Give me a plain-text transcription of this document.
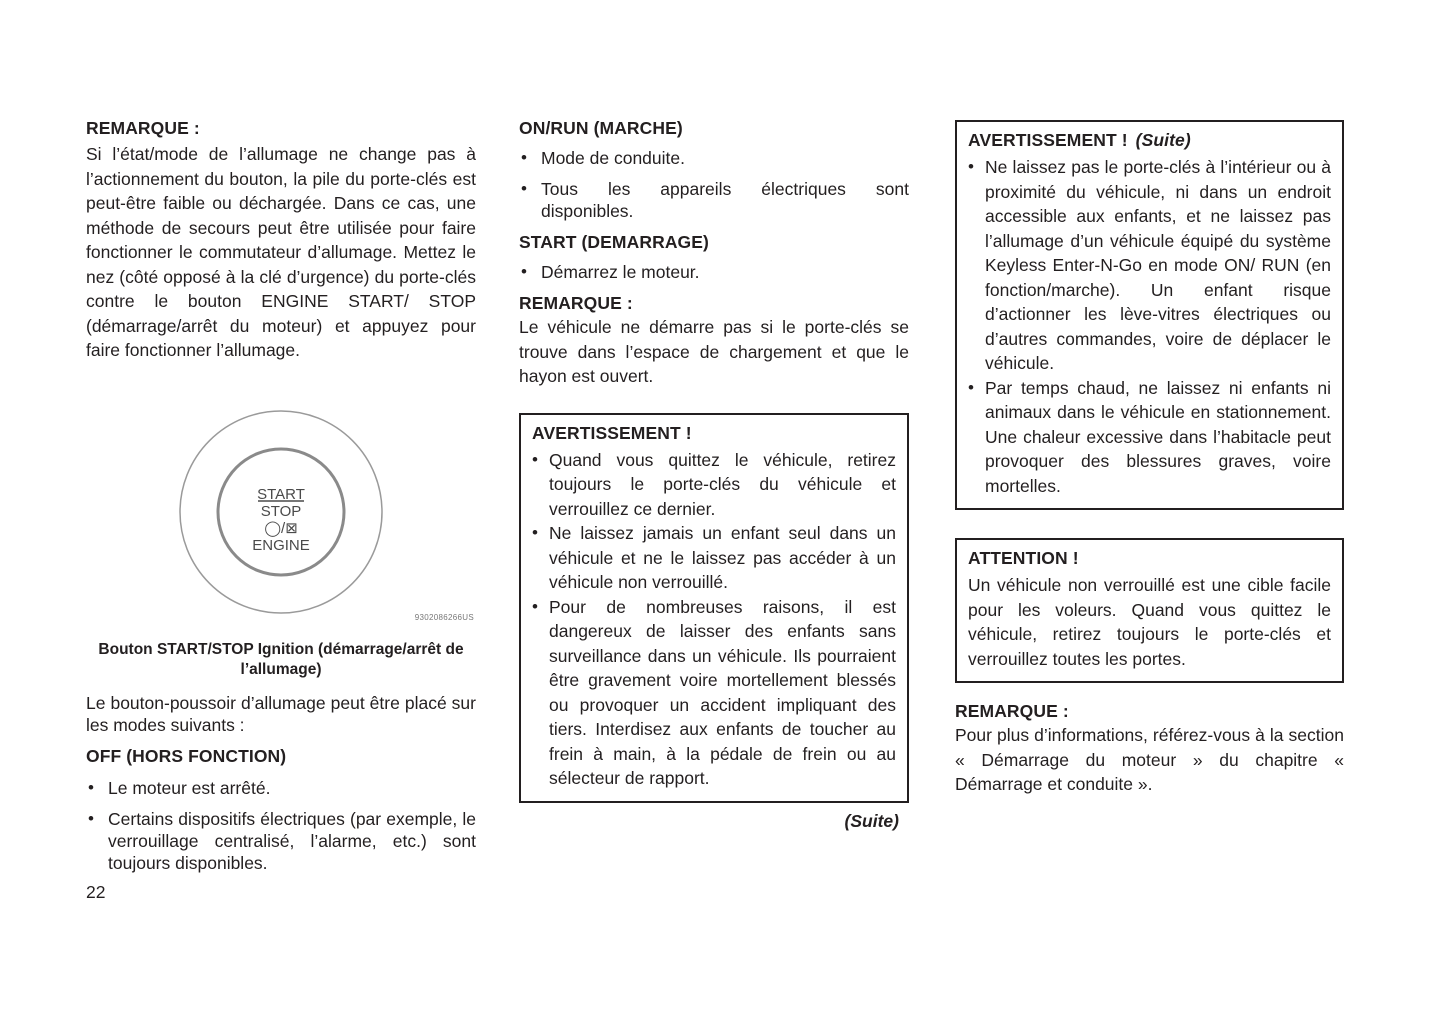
REMARQUE :

Si l’état/mode de l’allumage ne change pas à l’actionnement du bouton, la pile du porte-clés est peut-être faible ou déchargée. Dans ce cas, une méthode de secours peut être utilisée pour faire fonctionner le commutateur d’allumage. Mettez le nez (côté opposé à la clé d’urgence) du porte-clés contre le bouton ENGINE START/ STOP (démarrage/arrêt du moteur) et appuyez pour faire fonctionner l’allumage.

START
STOP
◯/⊠
ENGINE
9302086266US
Bouton START/STOP Ignition (démarrage/arrêt de l’allumage)

Le bouton-poussoir d’allumage peut être placé sur les modes suivants :

OFF (HORS FONCTION)
• Le moteur est arrêté.
• Certains dispositifs électriques (par exemple, le verrouillage centralisé, l’alarme, etc.) sont toujours disponibles.
22
ON/RUN (MARCHE)
• Mode de conduite.
• Tous les appareils électriques sont
disponibles.
START (DEMARRAGE)
• Démarrez le moteur.
REMARQUE :

Le véhicule ne démarre pas si le porte-clés se trouve dans l’espace de chargement et que le hayon est ouvert.

AVERTISSEMENT !
• Quand vous quittez le véhicule, retirez toujours le porte-clés du véhicule et verrouillez ce dernier.
• Ne laissez jamais un enfant seul dans un véhicule et ne le laissez pas accéder à un véhicule non verrouillé.
• Pour de nombreuses raisons, il est dangereux de laisser des enfants sans surveillance dans un véhicule. Ils pourraient être gravement voire mortellement blessés ou provoquer un accident impliquant des tiers. Interdisez aux enfants de toucher au frein à main, à la pédale de frein ou au sélecteur de rapport.
(Suite)
AVERTISSEMENT ! (Suite)
• Ne laissez pas le porte-clés à l’intérieur ou à proximité du véhicule, ni dans un endroit accessible aux enfants, et ne laissez pas l’allumage d’un véhicule équipé du système Keyless Enter-N-Go en mode ON/ RUN (en fonction/marche). Un enfant risque d’actionner les lève-vitres électriques ou d’autres commandes, voire de déplacer le véhicule.
• Par temps chaud, ne laissez ni enfants ni animaux dans le véhicule en stationnement. Une chaleur excessive dans l’habitacle peut provoquer des blessures graves, voire mortelles.
ATTENTION !

Un véhicule non verrouillé est une cible facile pour les voleurs. Quand vous quittez le véhicule, retirez toujours le porte-clés et verrouillez toutes les portes.

REMARQUE :

Pour plus d’informations, référez-vous à la section « Démarrage du moteur » du chapitre « Démarrage et conduite ».
